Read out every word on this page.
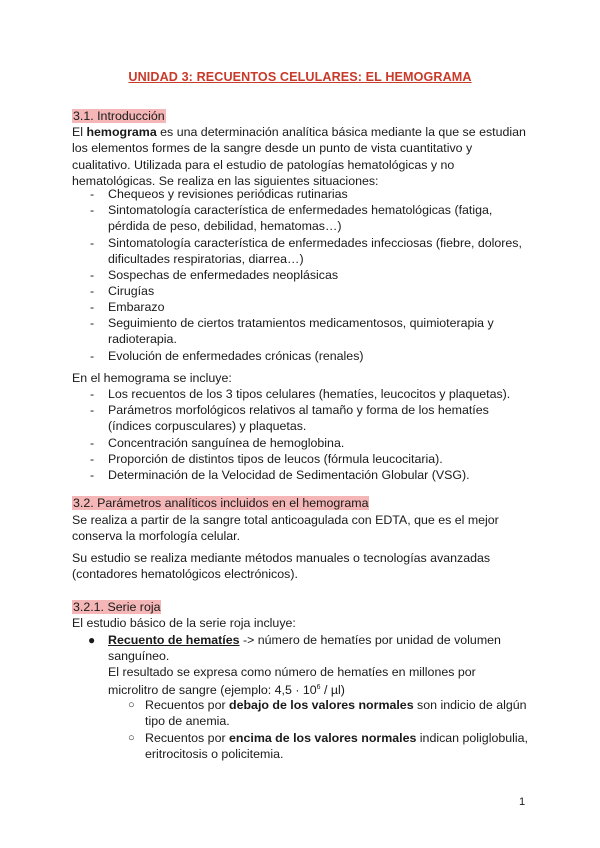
UNIDAD 3: RECUENTOS CELULARES: EL HEMOGRAMA
3.1. Introducción
El hemograma es una determinación analítica básica mediante la que se estudian los elementos formes de la sangre desde un punto de vista cuantitativo y cualitativo. Utilizada para el estudio de patologías hematológicas y no hematológicas. Se realiza en las siguientes situaciones:
- Chequeos y revisiones periódicas rutinarias
- Sintomatología característica de enfermedades hematológicas (fatiga, pérdida de peso, debilidad, hematomas…)
- Sintomatología característica de enfermedades infecciosas (fiebre, dolores, dificultades respiratorias, diarrea…)
- Sospechas de enfermedades neoplásicas
- Cirugías
- Embarazo
- Seguimiento de ciertos tratamientos medicamentosos, quimioterapia y radioterapia.
- Evolución de enfermedades crónicas (renales)
En el hemograma se incluye:
- Los recuentos de los 3 tipos celulares (hematíes, leucocitos y plaquetas).
- Parámetros morfológicos relativos al tamaño y forma de los hematíes (índices corpusculares) y plaquetas.
- Concentración sanguínea de hemoglobina.
- Proporción de distintos tipos de leucos (fórmula leucocitaria).
- Determinación de la Velocidad de Sedimentación Globular (VSG).
3.2. Parámetros analíticos incluidos en el hemograma
Se realiza a partir de la sangre total anticoagulada con EDTA, que es el mejor conserva la morfología celular.
Su estudio se realiza mediante métodos manuales o tecnologías avanzadas (contadores hematológicos electrónicos).
3.2.1. Serie roja
El estudio básico de la serie roja incluye:
● Recuento de hematíes -> número de hematíes por unidad de volumen sanguíneo.
El resultado se expresa como número de hematíes en millones por microlitro de sangre (ejemplo: $4,5 \cdot 10^6 / \mu l$)
○ Recuentos por debajo de los valores normales son indicio de algún tipo de anemia.
○ Recuentos por encima de los valores normales indican poliglobulia, eritrocitosis o policitemia.
1
